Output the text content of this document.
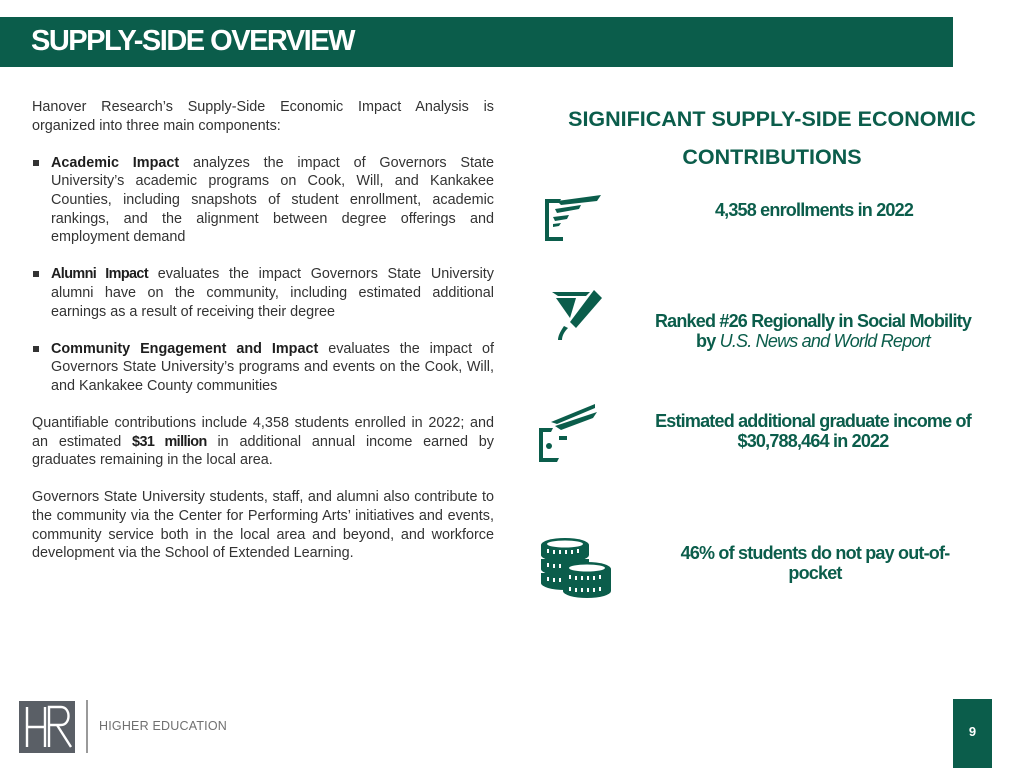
SUPPLY-SIDE OVERVIEW

Hanover Research’s Supply-Side Economic Impact Analysis is organized into three main components:

Academic Impact analyzes the impact of Governors State University’s academic programs on Cook, Will, and Kankakee Counties, including snapshots of student enrollment, academic rankings, and the alignment between degree offerings and employment demand
Alumni Impact evaluates the impact Governors State University alumni have on the community, including estimated additional earnings as a result of receiving their degree
Community Engagement and Impact evaluates the impact of Governors State University’s programs and events on the Cook, Will, and Kankakee County communities

Quantifiable contributions include 4,358 students enrolled in 2022; and an estimated $31 million in additional annual income earned by graduates remaining in the local area.

Governors State University students, staff, and alumni also contribute to the community via the Center for Performing Arts’ initiatives and events, community service both in the local area and beyond, and workforce development via the School of Extended Learning.

SIGNIFICANT SUPPLY-SIDE ECONOMIC CONTRIBUTIONS
4,358 enrollments in 2022
Ranked #26 Regionally in Social Mobility
by U.S. News and World Report
Estimated additional graduate income of
$30,788,464 in 2022
46% of students do not pay out-of-
pocket
HIGHER EDUCATION	9
